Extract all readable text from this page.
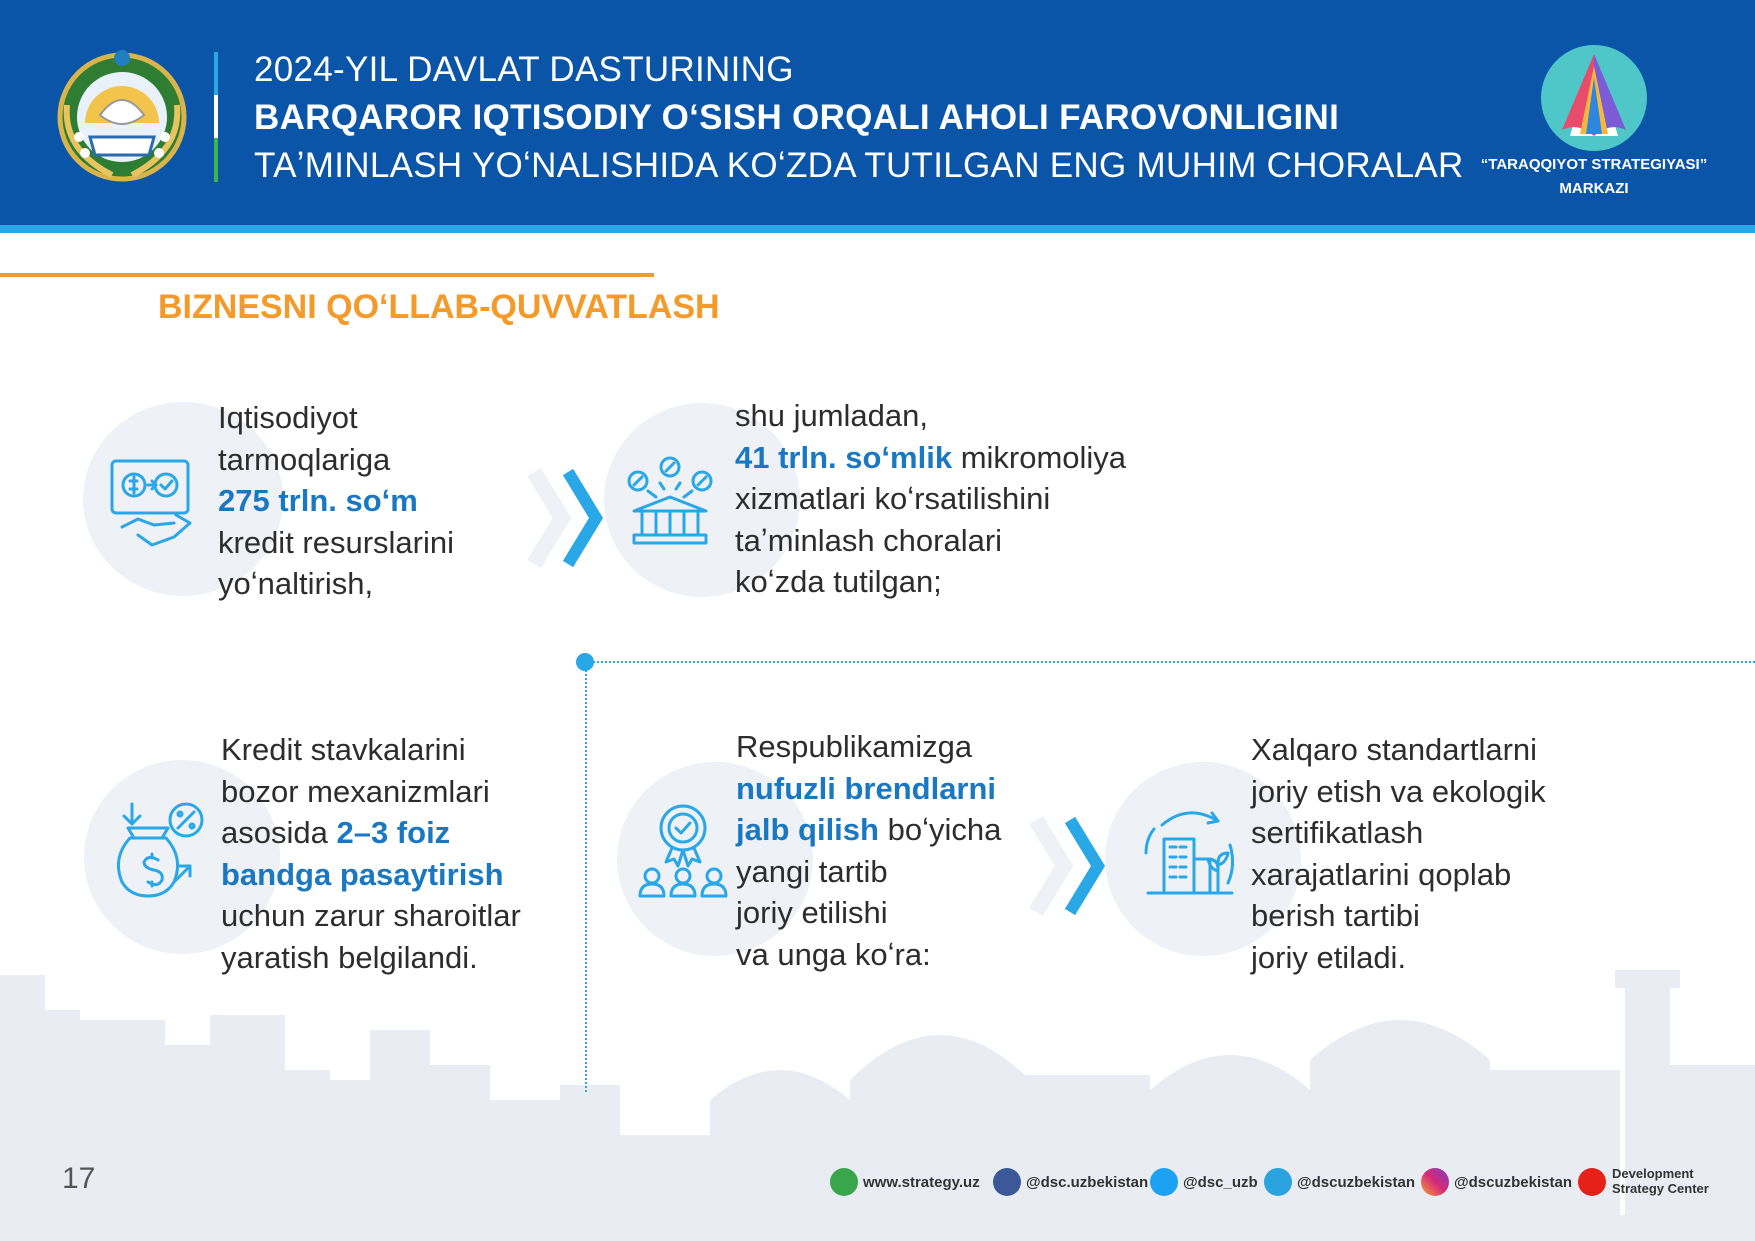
2024-YIL DAVLAT DASTURINING
BARQAROR IQTISODIY OʻSISH ORQALI AHOLI FAROVONLIGINI
TAʼMINLASH YOʻNALISHIDA KOʻZDA TUTILGAN ENG MUHIM CHORALAR	“TARAQQIYOT STRATEGIYASI”
MARKAZI
BIZNESNI QOʻLLAB-QUVVATLASH
Iqtisodiyot
tarmoqlariga
275 trln. soʻm
kredit resurslarini
yoʻnaltirish,
shu jumladan,
41 trln. soʻmlik mikromoliya
xizmatlari koʻrsatilishini
taʼminlash choralari
koʻzda tutilgan;
Kredit stavkalarini
bozor mexanizmlari
asosida 2–3 foiz
bandga pasaytirish
uchun zarur sharoitlar
yaratish belgilandi.
Respublikamizga
nufuzli brendlarni
jalb qilish boʻyicha
yangi tartib
joriy etilishi
va unga koʻra:
Xalqaro standartlarni
joriy etish va ekologik
sertifikatlash
xarajatlarini qoplab
berish tartibi
joriy etiladi.
17	www.strategy.uz	@dsc.uzbekistan @dsc_uzb	@dscuzbekistan	@dscuzbekistan	Development
Strategy Center
